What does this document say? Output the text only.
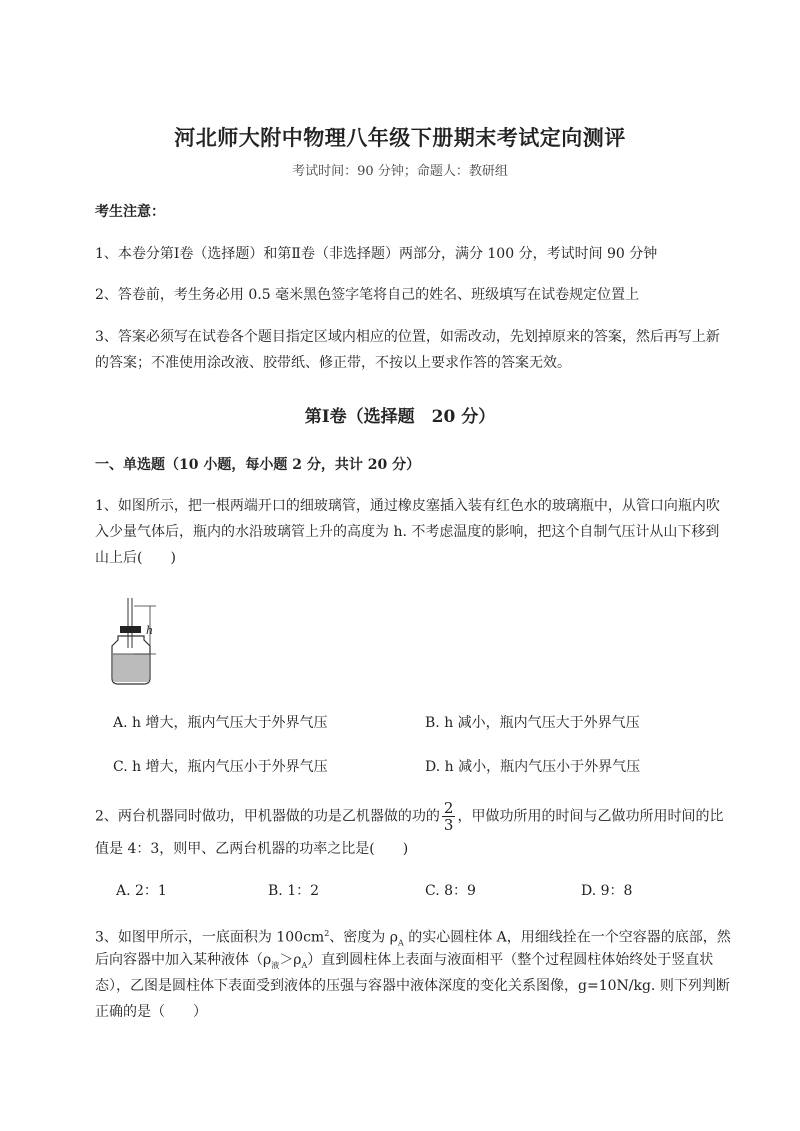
河北师大附中物理八年级下册期末考试定向测评
考试时间：90 分钟；命题人：教研组
考生注意：
1、本卷分第Ⅰ卷（选择题）和第Ⅱ卷（非选择题）两部分，满分 100 分，考试时间 90 分钟
2、答卷前，考生务必用 0.5 毫米黑色签字笔将自己的姓名、班级填写在试卷规定位置上
3、答案必须写在试卷各个题目指定区域内相应的位置，如需改动，先划掉原来的答案，然后再写上新
的答案；不准使用涂改液、胶带纸、修正带，不按以上要求作答的答案无效。
第Ⅰ卷（选择题　20 分）
一、单选题（10 小题，每小题 2 分，共计 20 分）
1、如图所示，把一根两端开口的细玻璃管，通过橡皮塞插入装有红色水的玻璃瓶中，从管口向瓶内吹
入少量气体后，瓶内的水沿玻璃管上升的高度为 h. 不考虑温度的影响，把这个自制气压计从山下移到
山上后(　　)
h
A. h 增大，瓶内气压大于外界气压	B. h 减小，瓶内气压大于外界气压
C. h 增大，瓶内气压小于外界气压	D. h 减小，瓶内气压小于外界气压
2、两台机器同时做功，甲机器做的功是乙机器做的功的 $\frac{2}{3}$ ，甲做功所用的时间与乙做功所用时间的比
值是 4：3，则甲、乙两台机器的功率之比是(　　)
A. 2：1	B. 1：2	C. 8：9	D. 9：8
3、如图甲所示，一底面积为 $100cm^2$、密度为 $\rho_A$ 的实心圆柱体 A，用细线拴在一个空容器的底部，然
后向容器中加入某种液体$(\rho_液>\rho_A)$直到圆柱体上表面与液面相平（整个过程圆柱体始终处于竖直状
态），乙图是圆柱体下表面受到液体的压强与容器中液体深度的变化关系图像，g=10N/kg. 则下列判断
正确的是（　　）
